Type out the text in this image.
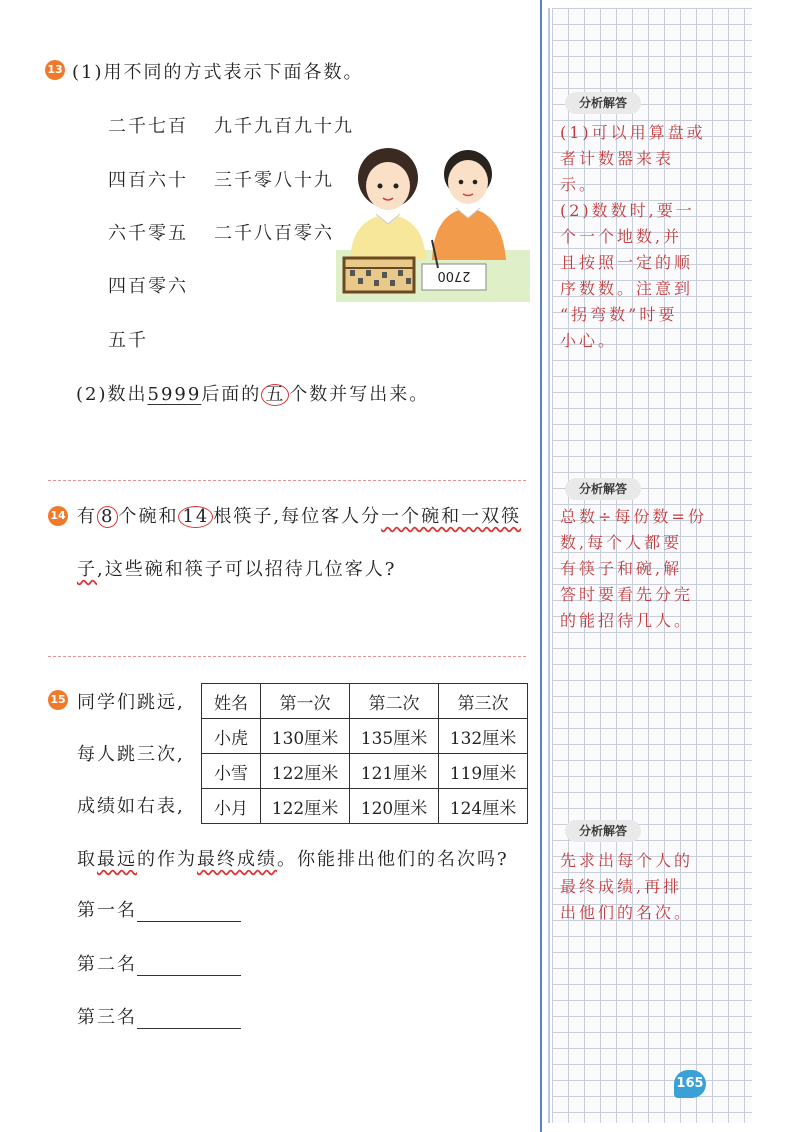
13 (1)用不同的方式表示下面各数。
二千七百 九千九百九十九
四百六十 三千零八十九
六千零五 二千八百零六
四百零六
五千
2700
(2)数出5999后面的 五 个数并写出来。
14 有 8 个碗和 14 根筷子,每位客人分一个碗和一双筷
子,这些碗和筷子可以招待几位客人?
15 同学们跳远,
每人跳三次,
成绩如右表,
姓名	第一次	第二次	第三次
小虎	130厘米	135厘米	132厘米
小雪	122厘米	121厘米	119厘米
小月	122厘米	120厘米	124厘米
取最远的作为最终成绩。你能排出他们的名次吗?
第一名
第二名
第三名
分析解答
(1)可以用算盘或
者计数器来表示。
(2)数数时,要一
个一个地数,并
且按照一定的顺
序数数。注意到
“拐弯数”时要
小心。
分析解答
总数÷每份数=份
数,每个人都要
有筷子和碗,解
答时要看先分完
的能招待几人。
分析解答
先求出每个人的
最终成绩,再排
出他们的名次。
165
